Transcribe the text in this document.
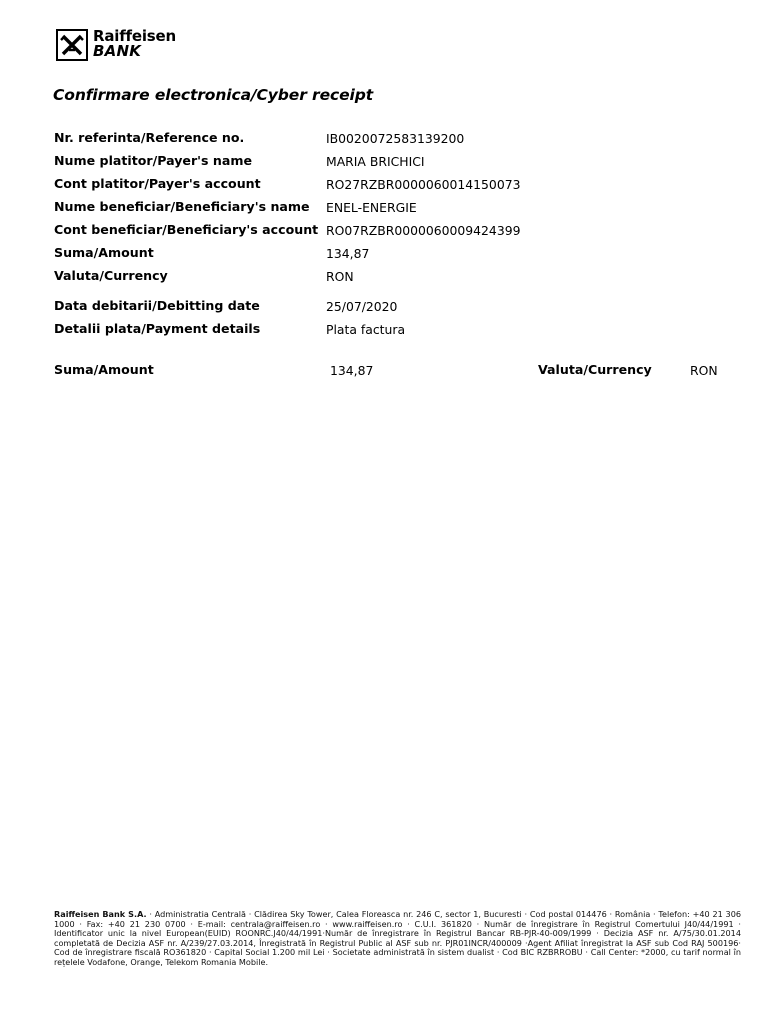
Raiffeisen
BANK
Confirmare electronica/Cyber receipt
Nr. referinta/Reference no.	IB0020072583139200
Nume platitor/Payer's name	MARIA BRICHICI
Cont platitor/Payer's account	RO27RZBR0000060014150073
Nume beneficiar/Beneficiary's name ENEL-ENERGIE
Cont beneficiar/Beneficiary's account RO07RZBR0000060009424399
Suma/Amount	134,87
Valuta/Currency	RON
Data debitarii/Debitting date	25/07/2020
Detalii plata/Payment details	Plata factura
Suma/Amount	134,87	Valuta/Currency	RON
Raiffeisen Bank S.A. · Administratia Centrală · Clădirea Sky Tower, Calea Floreasca nr. 246 C, sector 1, Bucuresti · Cod postal 014476 · România · Telefon: +40 21 306 1000 · Fax: +40 21 230 0700 · E-mail: centrala@raiffeisen.ro · www.raiffeisen.ro · C.U.I. 361820 · Număr de înregistrare în Registrul Comertului J40/44/1991 · Identificator unic la nivel European(EUID) ROONRC.J40/44/1991·Număr de înregistrare în Registrul Bancar RB-PJR-40-009/1999 · Decizia ASF nr. A/75/30.01.2014 completată de Decizia ASF nr. A/239/27.03.2014, Înregistrată în Registrul Public al ASF sub nr. PJR01INCR/400009 ·Agent Afiliat înregistrat la ASF sub Cod RAJ 500196· Cod de înregistrare fiscală RO361820 · Capital Social 1.200 mil Lei · Societate administrată în sistem dualist · Cod BIC RZBRROBU · Call Center: *2000, cu tarif normal în rețelele Vodafone, Orange, Telekom Romania Mobile.
